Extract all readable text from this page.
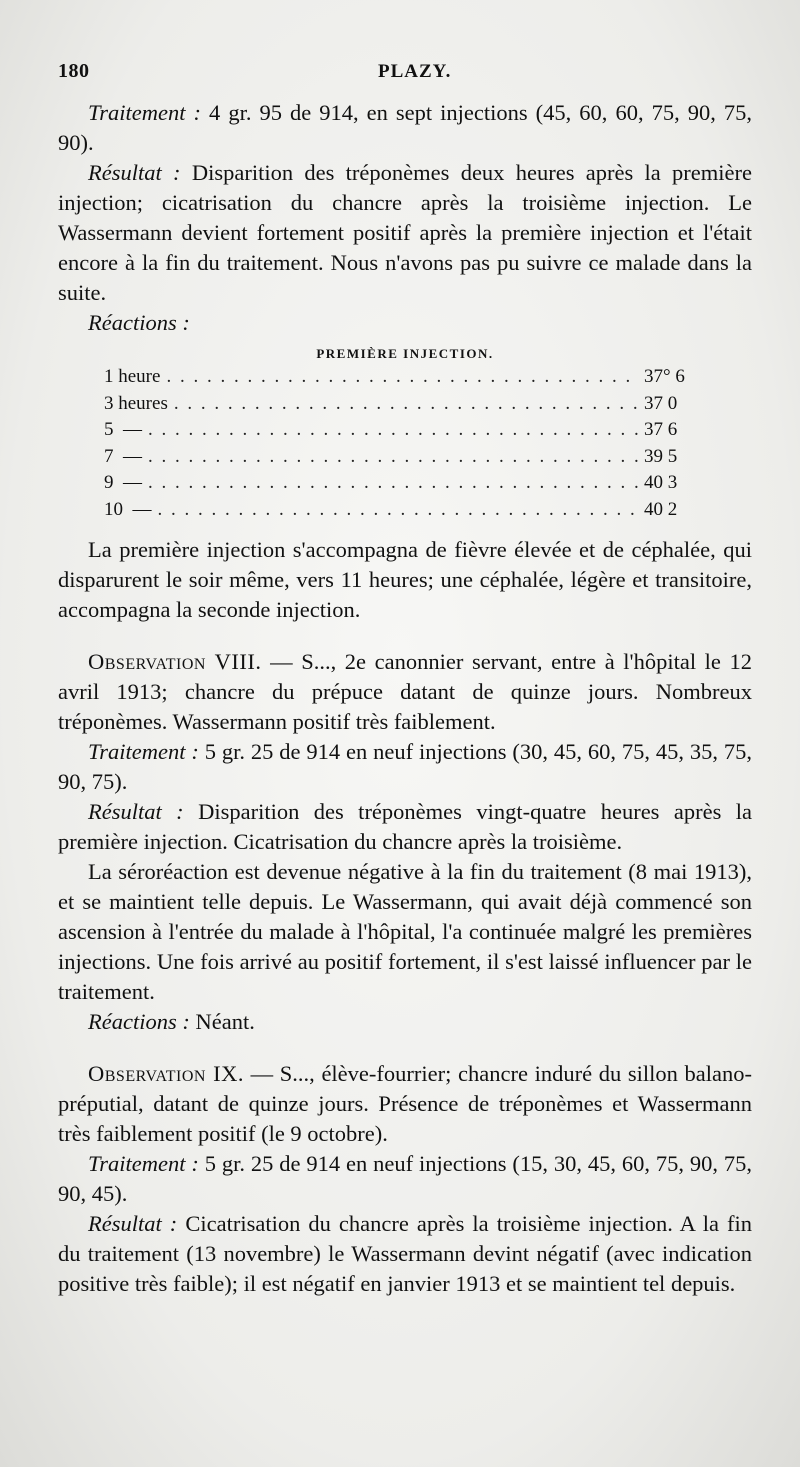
180	PLAZY.

Traitement : 4 gr. 95 de 914, en sept injections (45, 60, 60, 75, 90, 75, 90).

Résultat : Disparition des tréponèmes deux heures après la première injection; cicatrisation du chancre après la troisième injection. Le Wassermann devient fortement positif après la première injection et l'était encore à la fin du traitement. Nous n'avons pas pu suivre ce malade dans la suite.

Réactions :

PREMIÈRE INJECTION.
1 heure . . .	37° 6
3 heures . . .	37 0
5  — . . .	37 6
7  — . . .	39 5
9  — . . .	40 3
10  — . . .	40 2

La première injection s'accompagna de fièvre élevée et de céphalée, qui disparurent le soir même, vers 11 heures; une céphalée, légère et transitoire, accompagna la seconde injection.

Observation VIII. — S..., 2e canonnier servant, entre à l'hôpital le 12 avril 1913; chancre du prépuce datant de quinze jours. Nombreux tréponèmes. Wassermann positif très faiblement.

Traitement : 5 gr. 25 de 914 en neuf injections (30, 45, 60, 75, 45, 35, 75, 90, 75).

Résultat : Disparition des tréponèmes vingt-quatre heures après la première injection. Cicatrisation du chancre après la troisième.

La séroréaction est devenue négative à la fin du traitement (8 mai 1913), et se maintient telle depuis. Le Wassermann, qui avait déjà commencé son ascension à l'entrée du malade à l'hôpital, l'a continuée malgré les premières injections. Une fois arrivé au positif fortement, il s'est laissé influencer par le traitement.

Réactions : Néant.

Observation IX. — S..., élève-fourrier; chancre induré du sillon balano-préputial, datant de quinze jours. Présence de tréponèmes et Wassermann très faiblement positif (le 9 octobre).

Traitement : 5 gr. 25 de 914 en neuf injections (15, 30, 45, 60, 75, 90, 75, 90, 45).

Résultat : Cicatrisation du chancre après la troisième injection. A la fin du traitement (13 novembre) le Wassermann devint négatif (avec indication positive très faible); il est négatif en janvier 1913 et se maintient tel depuis.
